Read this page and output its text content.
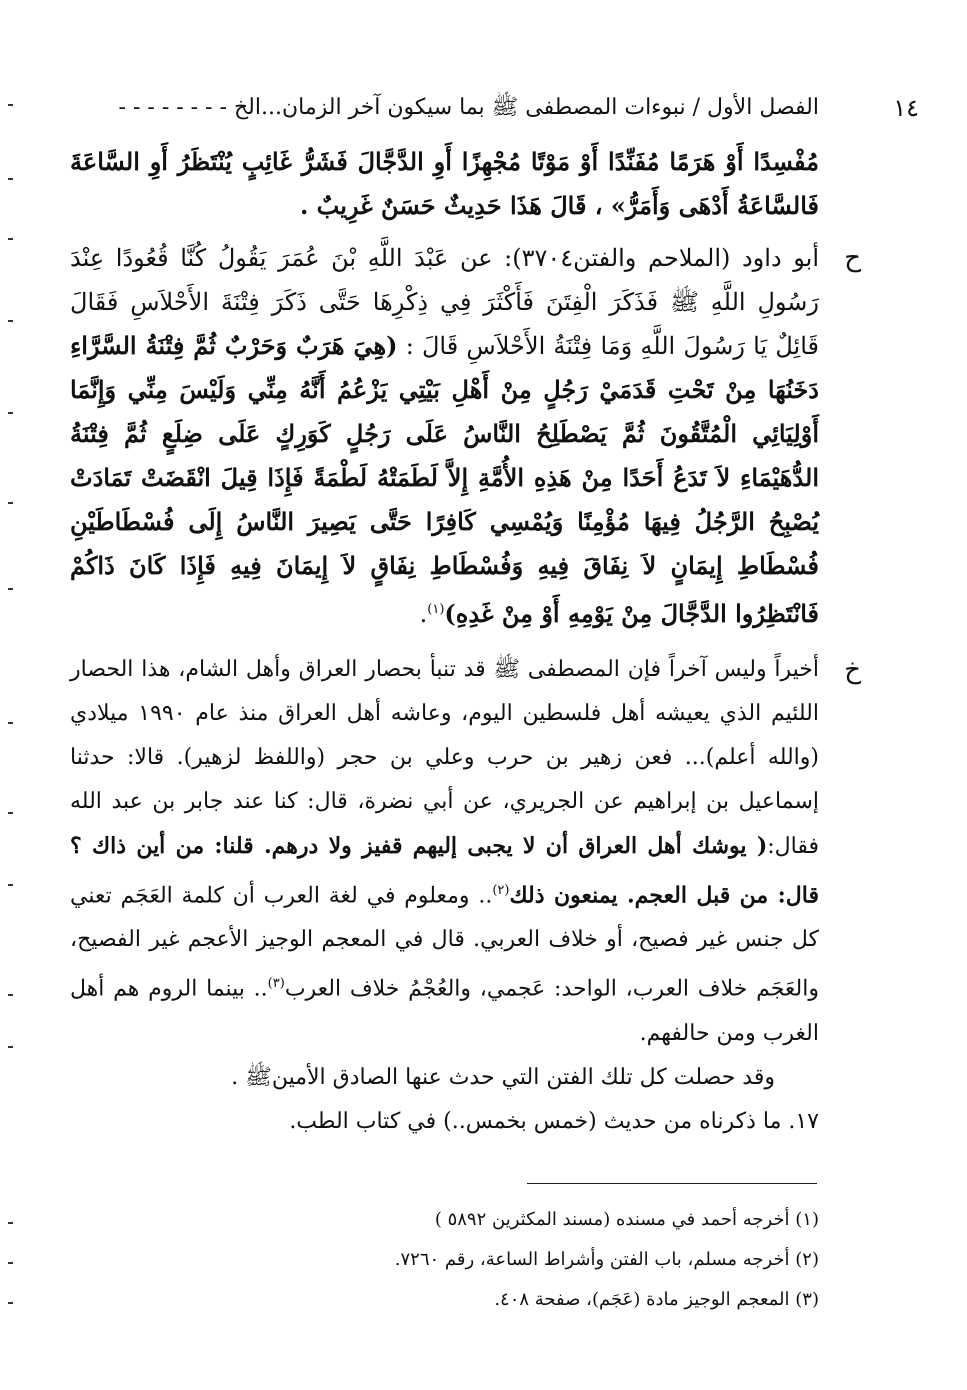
١٤
الفصل الأول / نبوءات المصطفى ﷺ بما سيكون آخر الزمان...الخ - - - - - - - -

مُفْسِدًا أَوْ هَرَمًا مُفَنِّدًا أَوْ مَوْتًا مُجْهِزًا أَوِ الدَّجَّالَ فَشَرُّ غَائِبٍ يُنْتَظَرُ أَوِ السَّاعَةَ فَالسَّاعَةُ أَدْهَى وَأَمَرُّ» ، قَالَ هَذَا حَدِيثٌ حَسَنٌ غَرِيبٌ .

ح
أبو داود (الملاحم والفتن٣٧٠٤): عن عَبْدَ اللَّهِ بْنَ عُمَرَ يَقُولُ كُنَّا قُعُودًا عِنْدَ رَسُولِ اللَّهِ ﷺ فَذَكَرَ الْفِتَنَ فَأَكْثَرَ فِي ذِكْرِهَا حَتَّى ذَكَرَ فِتْنَةَ الأَحْلاَسِ فَقَالَ قَائِلٌ يَا رَسُولَ اللَّهِ وَمَا فِتْنَةُ الأَحْلاَسِ قَالَ : (هِيَ هَرَبٌ وَحَرْبٌ ثُمَّ فِتْنَةُ السَّرَّاءِ دَخَنُهَا مِنْ تَحْتِ قَدَمَيْ رَجُلٍ مِنْ أَهْلِ بَيْتِي يَزْعُمُ أَنَّهُ مِنِّي وَلَيْسَ مِنِّي وَإِنَّمَا أَوْلِيَائِي الْمُتَّقُونَ ثُمَّ يَصْطَلِحُ النَّاسُ عَلَى رَجُلٍ كَوَرِكٍ عَلَى ضِلَعٍ ثُمَّ فِتْنَةُ الدُّهَيْمَاءِ لاَ تَدَعُ أَحَدًا مِنْ هَذِهِ الأُمَّةِ إِلاَّ لَطَمَتْهُ لَطْمَةً فَإِذَا قِيلَ انْقَضَتْ تَمَادَتْ يُصْبِحُ الرَّجُلُ فِيهَا مُؤْمِنًا وَيُمْسِي كَافِرًا حَتَّى يَصِيرَ النَّاسُ إِلَى فُسْطَاطَيْنِ فُسْطَاطِ إِيمَانٍ لاَ نِفَاقَ فِيهِ وَفُسْطَاطِ نِفَاقٍ لاَ إِيمَانَ فِيهِ فَإِذَا كَانَ ذَاكُمْ فَانْتَظِرُوا الدَّجَّالَ مِنْ يَوْمِهِ أَوْ مِنْ غَدِهِ)$^{(١)}$.

خ
أخيراً وليس آخراً فإن المصطفى ﷺ قد تنبأ بحصار العراق وأهل الشام، هذا الحصار اللئيم الذي يعيشه أهل فلسطين اليوم، وعاشه أهل العراق منذ عام ١٩٩٠ ميلادي (والله أعلم)... فعن زهير بن حرب وعلي بن حجر (واللفظ لزهير). قالا: حدثنا إسماعيل بن إبراهيم عن الجريري، عن أبي نضرة، قال: كنا عند جابر بن عبد الله فقال:( يوشك أهل العراق أن لا يجبى إليهم قفيز ولا درهم. قلنا: من أين ذاك ؟ قال: من قبل العجم. يمنعون ذلك$^{(٢)}$.. ومعلوم في لغة العرب أن كلمة العَجَم تعني كل جنس غير فصيح، أو خلاف العربي. قال في المعجم الوجيز الأعجم غير الفصيح، والعَجَم خلاف العرب، الواحد: عَجمي، والعُجْمُ خلاف العرب$^{(٣)}$.. بينما الروم هم أهل الغرب ومن حالفهم.

وقد حصلت كل تلك الفتن التي حدث عنها الصادق الأمينﷺ .

١٧. ما ذكرناه من حديث (خمس بخمس..) في كتاب الطب.

(١) أخرجه أحمد في مسنده (مسند المكثرين ٥٨٩٢ )

(٢) أخرجه مسلم، باب الفتن وأشراط الساعة، رقم ٧٢٦٠.

(٣) المعجم الوجيز مادة (عَجَم)، صفحة ٤٠٨.
